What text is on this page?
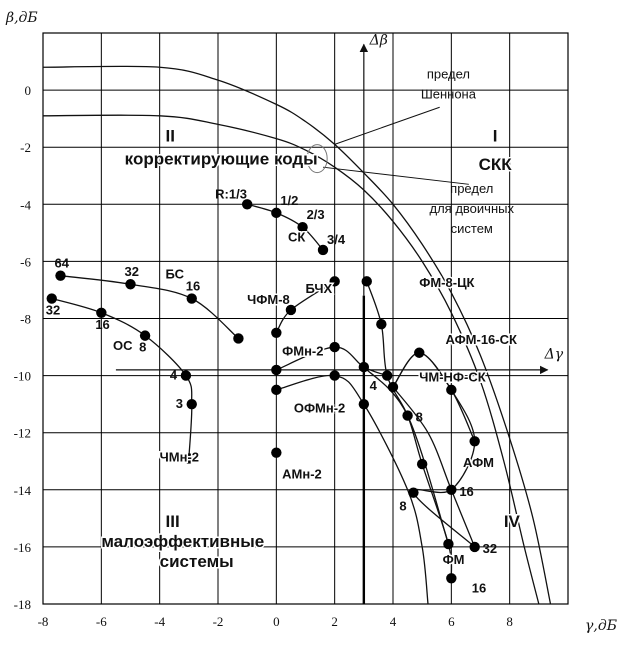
-8	-6	-4	-2	0	2	4	6	8
0
-2
-4
-6
-8
-10
-12
-14
-16
-18
β,дБ
γ,дБ
Δγ
Δβ
R:1/3	1/2
2/3
3/4
64
32
16
32
16
8
4
3
8
16
8
32
предел
Шеннона
предел
для двоичных
систем
II
корректирующие коды
I
СКК
III
малоэффективные
системы
IV
БС
ОС
ЧФМ-8
СК
БЧХ
ФМн-2
ОФМн-2
АМн-2
ЧМн-2
ФМ-8-ЦК
АФМ-16-СК
ЧМ-НФ-СК
4
АФМ
ФМ
16
